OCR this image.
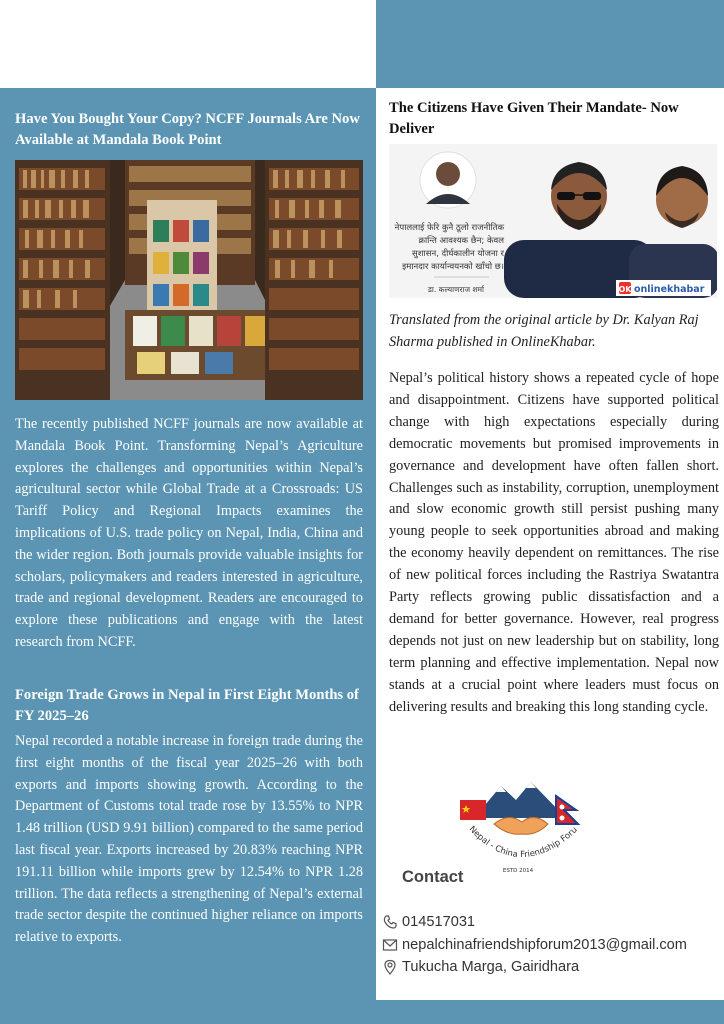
Have You Bought Your Copy? NCFF Journals Are Now Available at Mandala Book Point

The recently published NCFF journals are now available at Mandala Book Point. Transforming Nepal’s Agriculture explores the challenges and opportunities within Nepal’s agricultural sector while Global Trade at a Crossroads: US Tariff Policy and Regional Impacts examines the implications of U.S. trade policy on Nepal, India, China and the wider region. Both journals provide valuable insights for scholars, policymakers and readers interested in agriculture, trade and regional development. Readers are encouraged to explore these publications and engage with the latest research from NCFF.

Foreign Trade Grows in Nepal in First Eight Months of FY 2025–26

Nepal recorded a notable increase in foreign trade during the first eight months of the fiscal year 2025–26 with both exports and imports showing growth. According to the Department of Customs total trade rose by 13.55% to NPR 1.48 trillion (USD 9.91 billion) compared to the same period last fiscal year. Exports increased by 20.83% reaching NPR 191.11 billion while imports grew by 12.54% to NPR 1.28 trillion. The data reflects a strengthening of Nepal’s external trade sector despite the continued higher reliance on imports relative to exports.

The Citizens Have Given Their Mandate- Now Deliver
नेपाललाई फेरि कुनै ठूलो राजनीतिक
क्रान्ति आवश्यक छैन; केवल
सुशासन, दीर्घकालीन योजना र
इमानदार कार्यान्वयनको खाँचो छ।
डा. कल्याणराज शर्मा	OK onlinekhabar

Translated from the original article by Dr. Kalyan Raj Sharma published in OnlineKhabar.

Nepal’s political history shows a repeated cycle of hope and disappointment. Citizens have supported political change with high expectations especially during democratic movements but promised improvements in governance and development have often fallen short. Challenges such as instability, corruption, unemployment and slow economic growth still persist pushing many young people to seek opportunities abroad and making the economy heavily dependent on remittances. The rise of new political forces including the Rastriya Swatantra Party reflects growing public dissatisfaction and a demand for better governance. However, real progress depends not just on new leadership but on stability, long term planning and effective implementation. Nepal now stands at a crucial point where leaders must focus on delivering results and breaking this long standing cycle.

Nepal - China Friendship Foru
ESTD 2014
Contact
014517031
nepalchinafriendshipforum2013@gmail.com
Tukucha Marga, Gairidhara
